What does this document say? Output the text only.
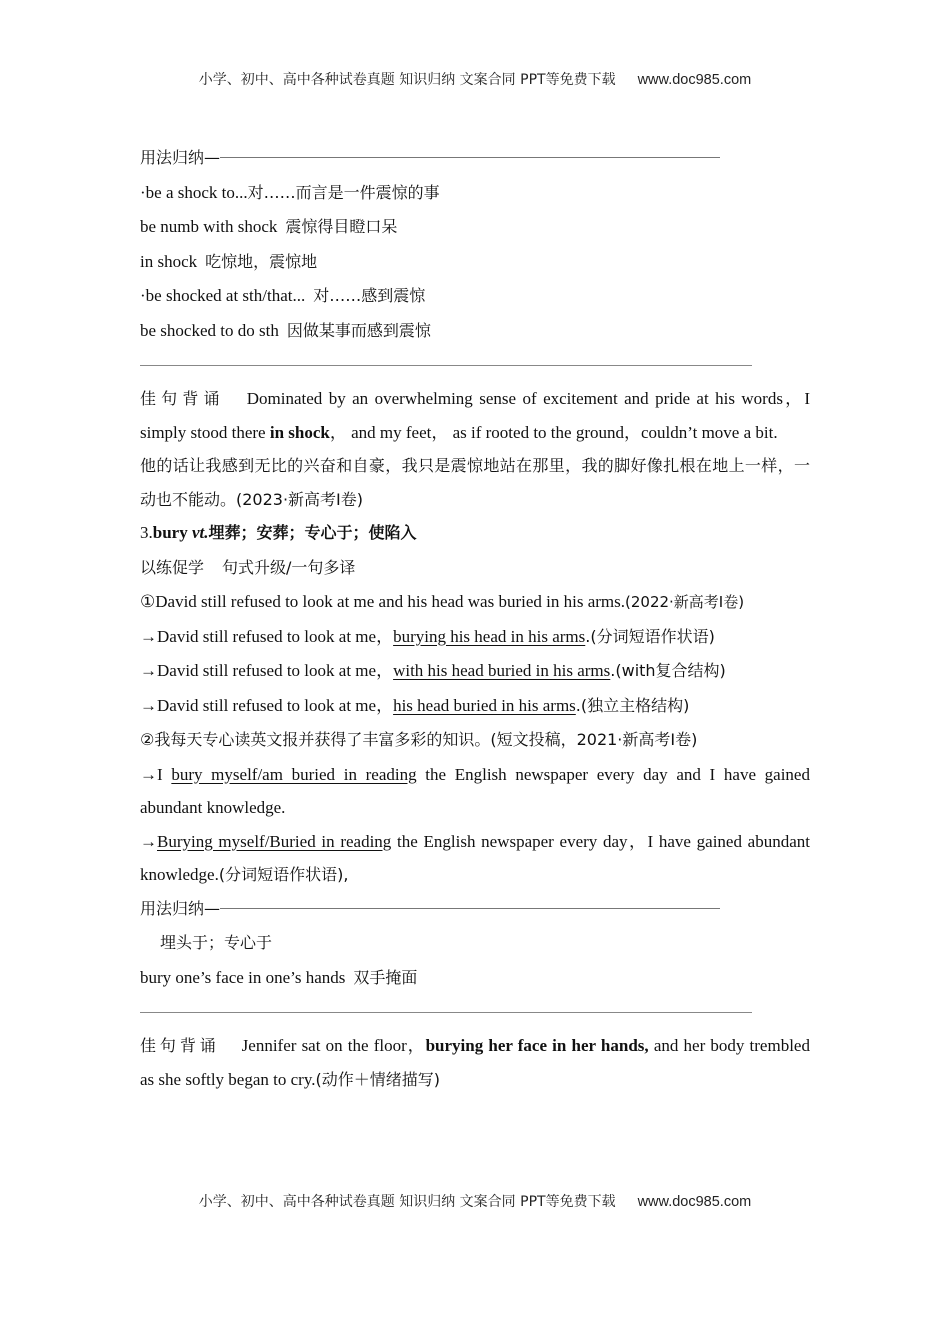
小学、初中、高中各种试卷真题 知识归纳 文案合同 PPT等免费下载 www.doc985.com
用法归纳—
·be a shock to...对……而言是一件震惊的事
be numb with shock 震惊得目瞪口呆
in shock 吃惊地，震惊地
·be shocked at sth/that... 对……感到震惊
be shocked to do sth 因做某事而感到震惊
佳句背诵 Dominated by an overwhelming sense of excitement and pride at his words，I simply stood there in shock， and my feet， as if rooted to the ground，couldn’t move a bit.
他的话让我感到无比的兴奋和自豪，我只是震惊地站在那里，我的脚好像扎根在地上一样，一动也不能动。(2023·新高考Ⅰ卷)
3.bury vt.埋葬；安葬；专心于；使陷入
以练促学 句式升级/一句多译
①David still refused to look at me and his head was buried in his arms.(2022·新高考Ⅰ卷)
→David still refused to look at me，burying his head in his arms.(分词短语作状语)
→David still refused to look at me，with his head buried in his arms.(with复合结构)
→David still refused to look at me，his head buried in his arms.(独立主格结构)
②我每天专心读英文报并获得了丰富多彩的知识。(短文投稿，2021·新高考Ⅰ卷)
→I bury myself/am buried in reading the English newspaper every day and I have gained abundant knowledge.
→Burying myself/Buried in reading the English newspaper every day，I have gained abundant knowledge.(分词短语作状语),
用法归纳—
埋头于；专心于
bury one’s face in one’s hands 双手掩面
佳句背诵 Jennifer sat on the floor，burying her face in her hands, and her body trembled as she softly began to cry.(动作＋情绪描写)
小学、初中、高中各种试卷真题 知识归纳 文案合同 PPT等免费下载 www.doc985.com
